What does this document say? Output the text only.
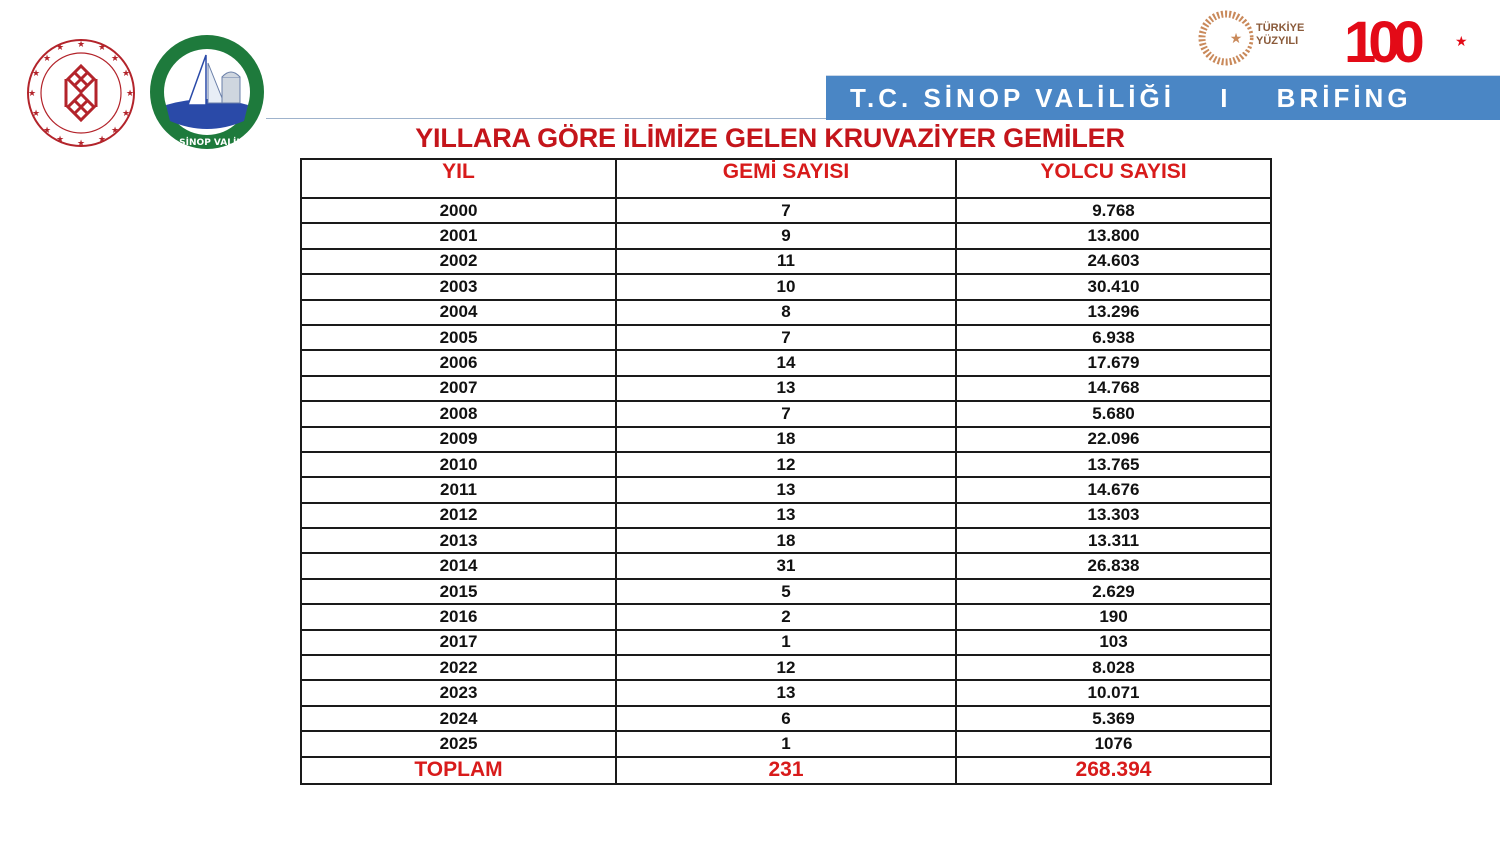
★
★
★	★
★	★
★	★
★	★
★	★
★	★
★	★
T.C. SİNOP VALİLİĞİ
★
TÜRKİYE
YÜZYILI 100	★
T.C. SİNOP VALİLİĞİ I BRİFİNG
YILLARA GÖRE İLİMİZE GELEN KRUVAZİYER GEMİLER
YIL	GEMİ SAYISI	YOLCU SAYISI
2000	7	9.768
2001	9	13.800
2002	11	24.603
2003	10	30.410
2004	8	13.296
2005	7	6.938
2006	14	17.679
2007	13	14.768
2008	7	5.680
2009	18	22.096
2010	12	13.765
2011	13	14.676
2012	13	13.303
2013	18	13.311
2014	31	26.838
2015	5	2.629
2016	2	190
2017	1	103
2022	12	8.028
2023	13	10.071
2024	6	5.369
2025	1	1076
TOPLAM	231	268.394
